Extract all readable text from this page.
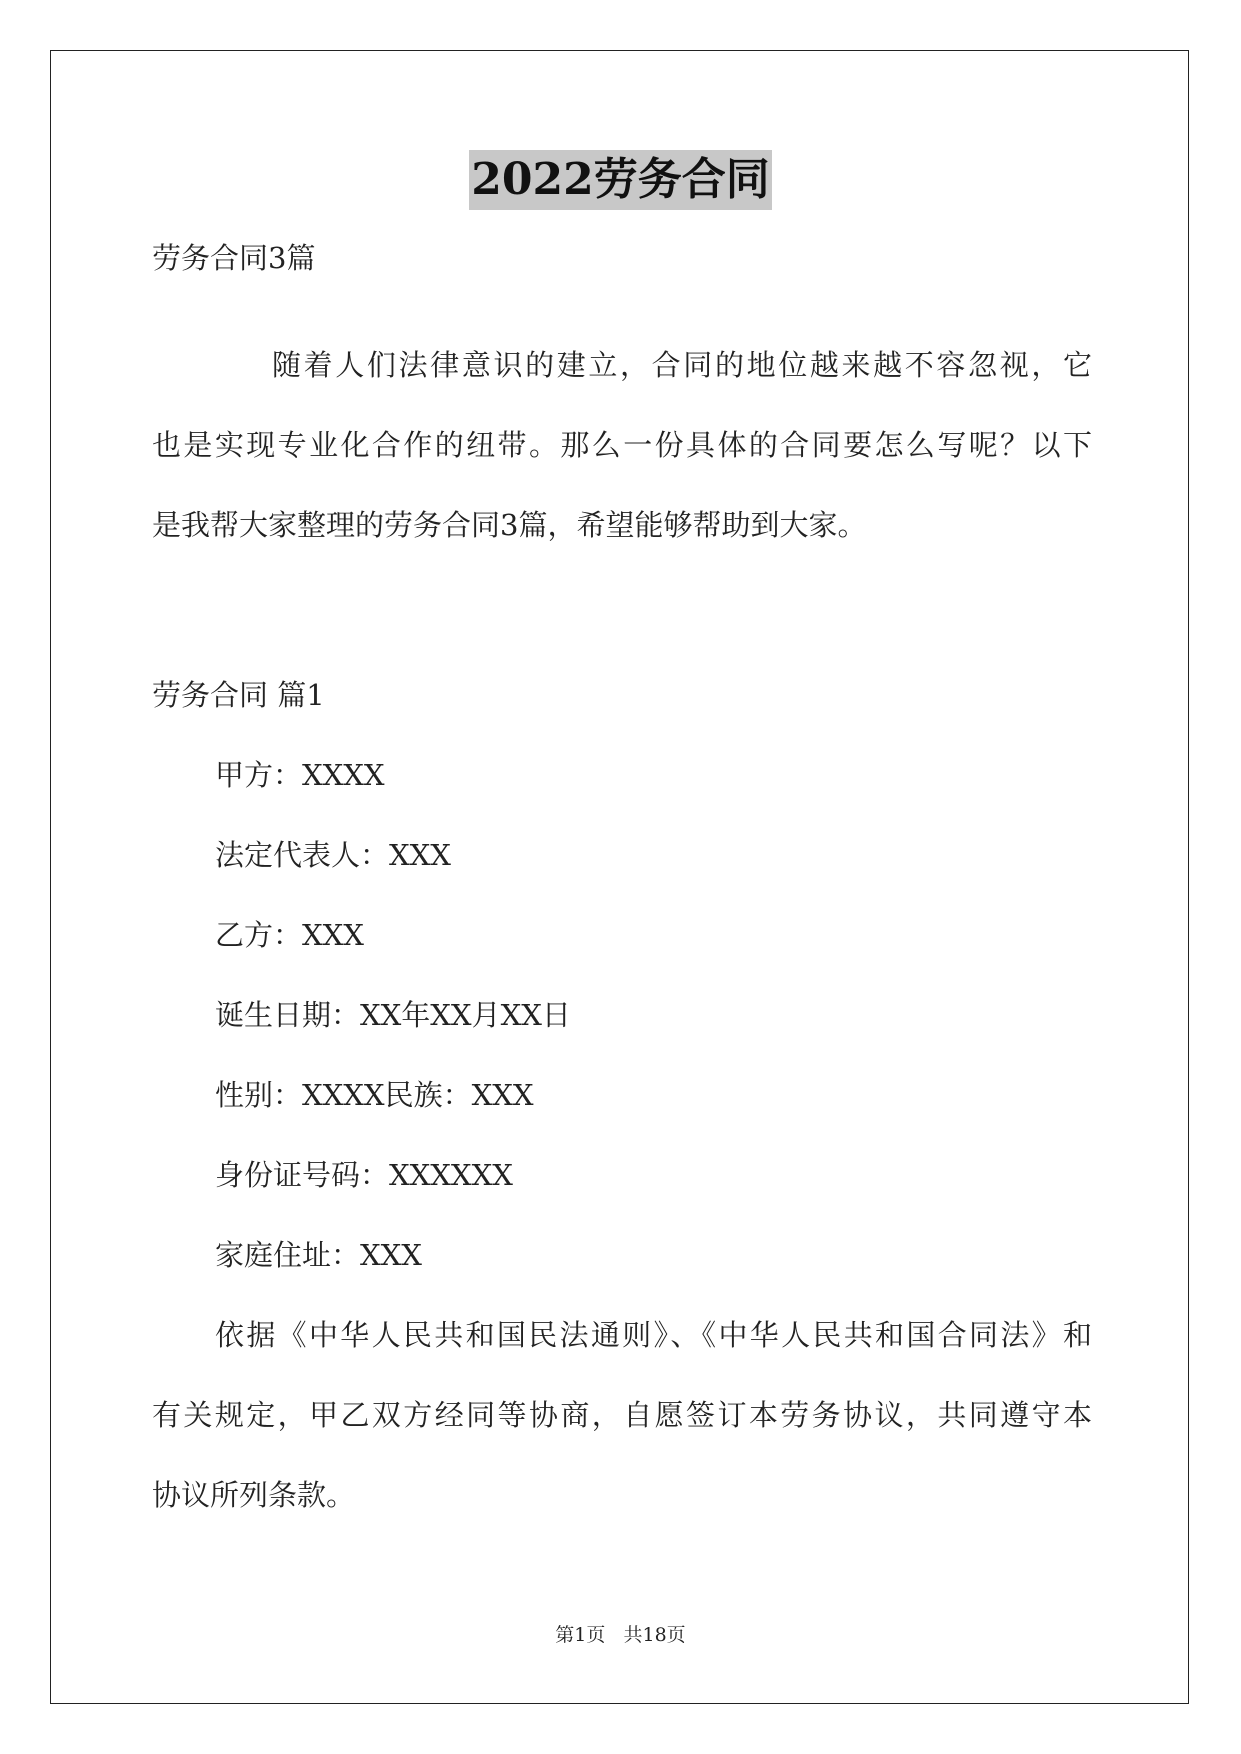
2022劳务合同
劳务合同3篇
随着人们法律意识的建立，合同的地位越来越不容忽视，它
也是实现专业化合作的纽带。那么一份具体的合同要怎么写呢？以下
是我帮大家整理的劳务合同3篇，希望能够帮助到大家。
劳务合同 篇1
甲方：XXXX
法定代表人：XXX
乙方：XXX
诞生日期：XX年XX月XX日
性别：XXXX民族：XXX
身份证号码：XXXXXX
家庭住址：XXX
依据《中华人民共和国民法通则》、《中华人民共和国合同法》和
有关规定，甲乙双方经同等协商，自愿签订本劳务协议，共同遵守本
协议所列条款。
第1页   共18页
